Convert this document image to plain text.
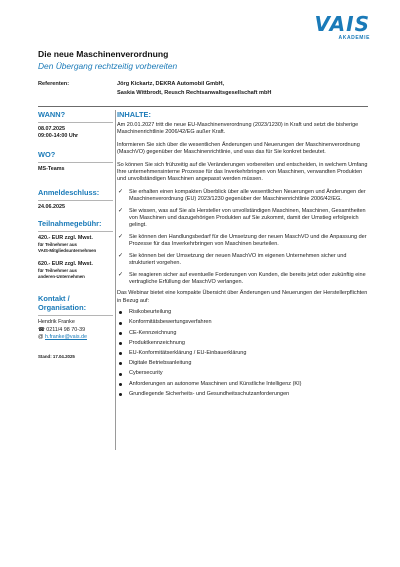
VAIS
AKADEMIE
Die neue Maschinenverordnung
Den Übergang rechtzeitig vorbereiten
Referenten:	Jörg Kickartz, DEKRA Automobil GmbH,
Saskia Wittbrodt, Reusch Rechtsanwaltsgesellschaft mbH
WANN?
08.07.2025
09:00-14:00 Uhr
WO?
MS-Teams
Anmeldeschluss:
24.06.2025
Teilnahmegebühr:
420.- EUR zzgl. Mwst.
für Teilnehmer aus
VAIS-Mitgliedsunternehmen
620.- EUR zzgl. Mwst.
für Teilnehmer aus
anderen-Unternehmen
Kontakt /
Organisation:
Hendrik Franke
☎ 0211/4 98 70-39
@ h.franke@vais.de
Stand: 17.04.2025
INHALTE:
Am 20.01.2027 tritt die neue EU-Maschinenverordnung (2023/1230) in Kraft und setzt die bisherige Maschinenrichtlinie 2006/42/EG außer Kraft.
Informieren Sie sich über die wesentlichen Änderungen und Neuerungen der Maschinenverordnung (MaschVO) gegenüber der Maschinenrichtlinie, und was das für Sie konkret bedeutet.
So können Sie sich frühzeitig auf die Veränderungen vorbereiten und entscheiden, in welchem Umfang Ihre unternehmensinterne Prozesse für das Inverkehrbringen von Maschinen, verwandten Produkten und unvollständigen Maschinen angepasst werden müssen.
✓ Sie erhalten einen kompakten Überblick über alle wesentlichen Neuerungen und Änderungen der Maschinenverordnung (EU) 2023/1230 gegenüber der Maschinenrichtlinie 2006/42/EG.
✓ Sie wissen, was auf Sie als Hersteller von unvollständigen Maschinen, Maschinen, Gesamtheiten von Maschinen und dazugehörigen Produkten auf Sie zukommt, damit der Umstieg erfolgreich gelingt.
✓ Sie können den Handlungsbedarf für die Umsetzung der neuen MaschVO und die Anpassung der Prozesse für das Inverkehrbringen von Maschinen beurteilen.
✓ Sie können bei der Umsetzung der neuen MaschVO im eigenen Unternehmen sicher und strukturiert vorgehen.
✓ Sie reagieren sicher auf eventuelle Forderungen von Kunden, die bereits jetzt oder zukünftig eine vertragliche Erfüllung der MaschVO verlangen.
Das Webinar bietet eine kompakte Übersicht über Änderungen und Neuerungen der Herstellerpflichten in Bezug auf:
Risikobeurteilung
Konformitätsbewertungsverfahren
CE-Kennzeichnung
Produktkennzeichnung
EU-Konformitätserklärung / EU-Einbauerklärung
Digitale Betriebsanleitung
Cybersecurity
Anforderungen an autonome Maschinen und Künstliche Intelligenz (KI)
Grundlegende Sicherheits- und Gesundheitsschutzanforderungen
